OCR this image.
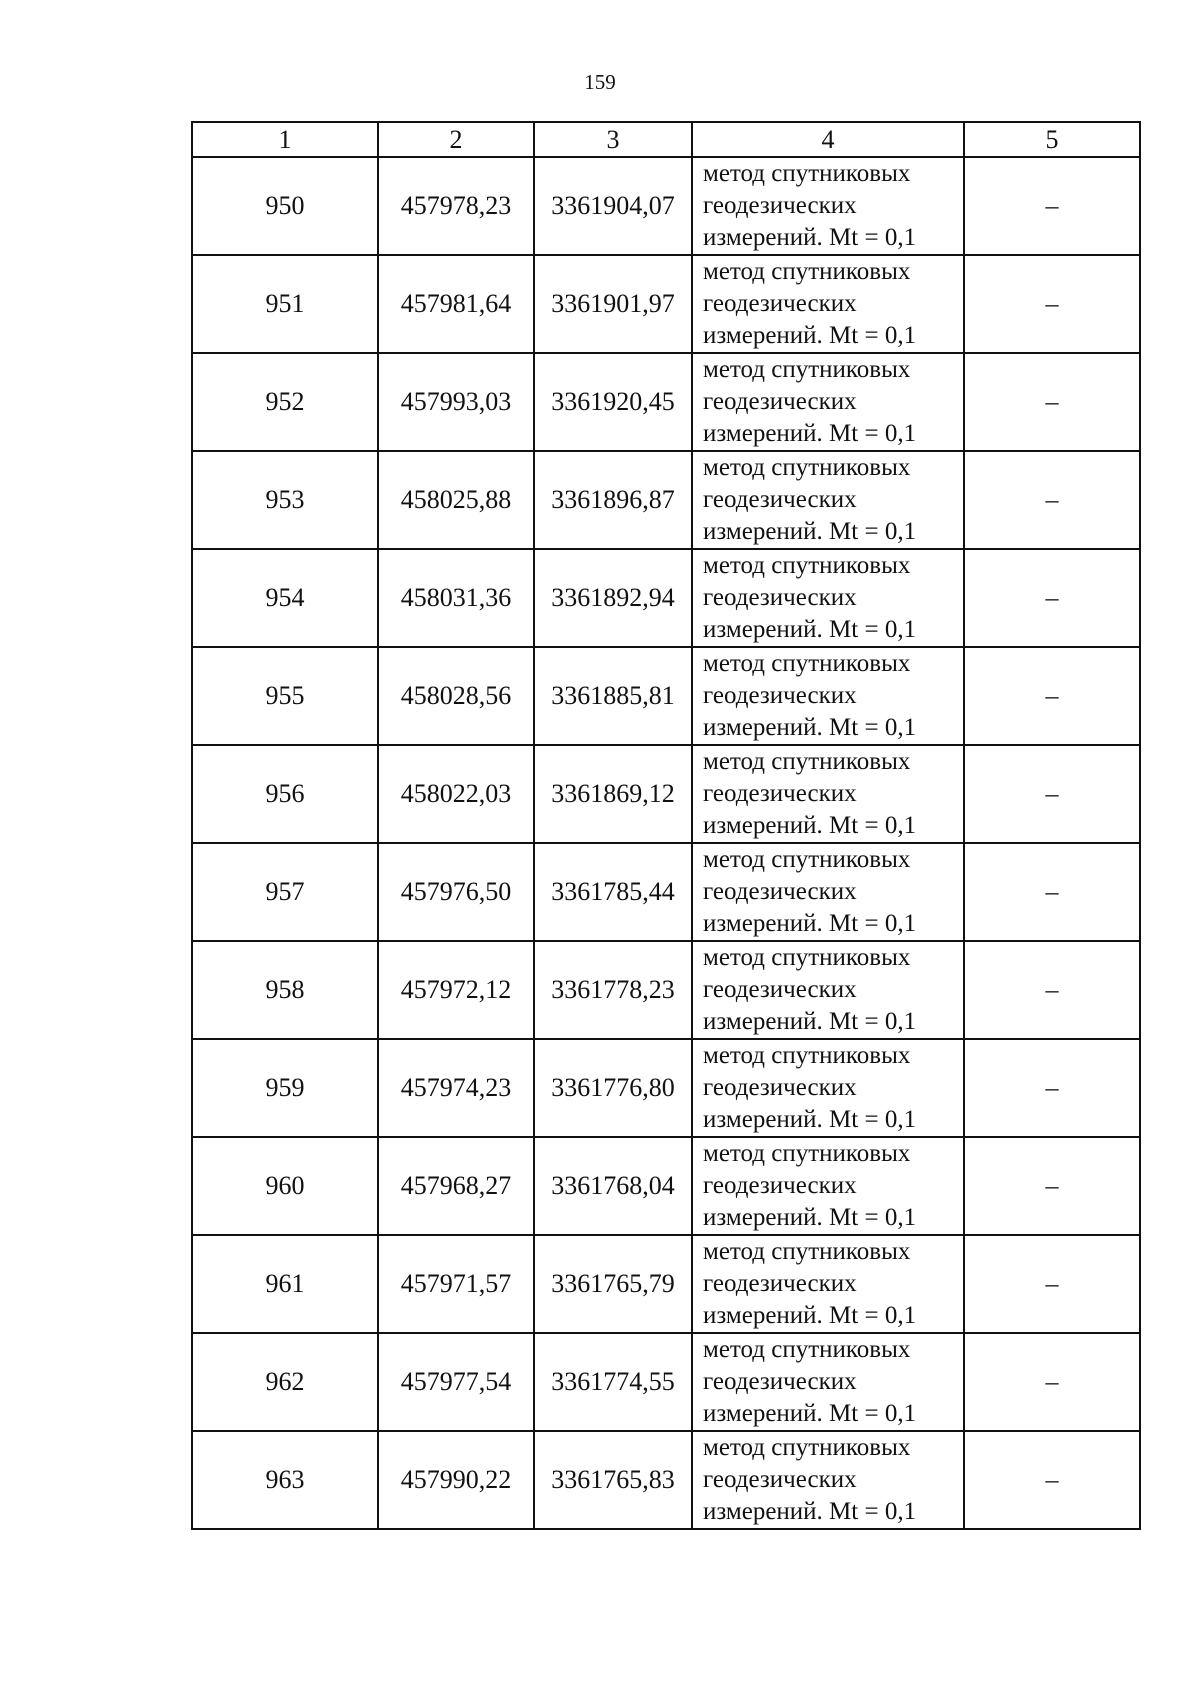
159
1	2	3	4	5
950	457978,23	3361904,07	метод спутниковых геодезических измерений. Mt = 0,1	–
951	457981,64	3361901,97	метод спутниковых геодезических измерений. Mt = 0,1	–
952	457993,03	3361920,45	метод спутниковых геодезических измерений. Mt = 0,1	–
953	458025,88	3361896,87	метод спутниковых геодезических измерений. Mt = 0,1	–
954	458031,36	3361892,94	метод спутниковых геодезических измерений. Mt = 0,1	–
955	458028,56	3361885,81	метод спутниковых геодезических измерений. Mt = 0,1	–
956	458022,03	3361869,12	метод спутниковых геодезических измерений. Mt = 0,1	–
957	457976,50	3361785,44	метод спутниковых геодезических измерений. Mt = 0,1	–
958	457972,12	3361778,23	метод спутниковых геодезических измерений. Mt = 0,1	–
959	457974,23	3361776,80	метод спутниковых геодезических измерений. Mt = 0,1	–
960	457968,27	3361768,04	метод спутниковых геодезических измерений. Mt = 0,1	–
961	457971,57	3361765,79	метод спутниковых геодезических измерений. Mt = 0,1	–
962	457977,54	3361774,55	метод спутниковых геодезических измерений. Mt = 0,1	–
963	457990,22	3361765,83	метод спутниковых геодезических измерений. Mt = 0,1	–
